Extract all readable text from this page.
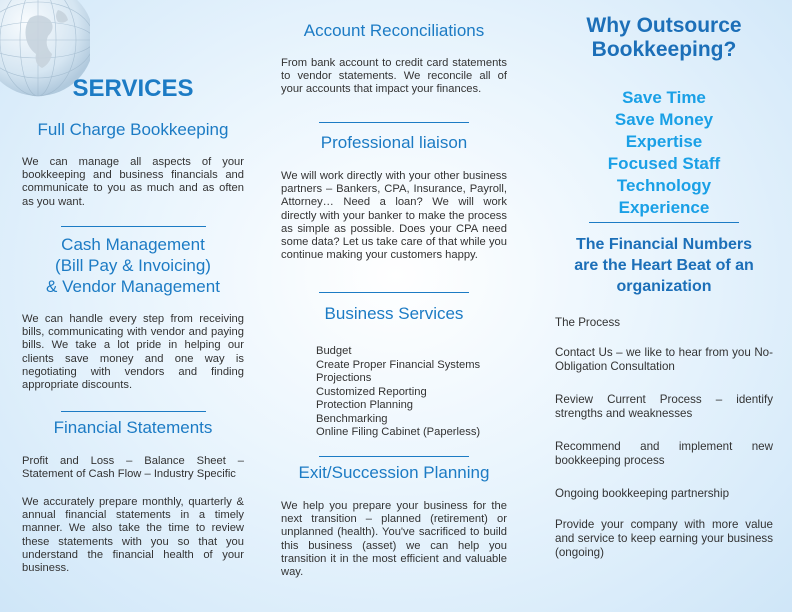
SERVICES
Full Charge Bookkeeping

We can manage all aspects of your bookkeeping and business financials and communicate to you as much and as often as you want.

Cash Management
(Bill Pay & Invoicing)
& Vendor Management

We can handle every step from receiving bills, communicating with vendor and paying bills. We take a lot pride in helping our clients save money and one way is negotiating with vendors and finding appropriate discounts.

Financial Statements

Profit and Loss – Balance Sheet – Statement of Cash Flow – Industry Specific

We accurately prepare monthly, quarterly & annual financial statements in a timely manner. We also take the time to review these statements with you so that you understand the financial health of your business.

Account Reconciliations

From bank account to credit card statements to vendor statements. We reconcile all of your accounts that impact your finances.

Professional liaison

We will work directly with your other business partners – Bankers, CPA, Insurance, Payroll, Attorney… Need a loan? We will work directly with your banker to make the process as simple as possible. Does your CPA need some data? Let us take care of that while you continue making your customers happy.

Business Services
Budget
Create Proper Financial Systems
Projections
Customized Reporting
Protection Planning
Benchmarking
Online Filing Cabinet (Paperless)
Exit/Succession Planning

We help you prepare your business for the next transition – planned (retirement) or unplanned (health). You've sacrificed to build this business (asset) we can help you transition it in the most efficient and valuable way.

Why Outsource
Bookkeeping?
Save Time
Save Money
Expertise
Focused Staff
Technology
Experience
The Financial Numbers
are the Heart Beat of an
organization

The Process

Contact Us – we like to hear from you No-Obligation Consultation

Review Current Process – identify strengths and weaknesses

Recommend and implement new bookkeeping process

Ongoing bookkeeping partnership

Provide your company with more value and service to keep earning your business (ongoing)
